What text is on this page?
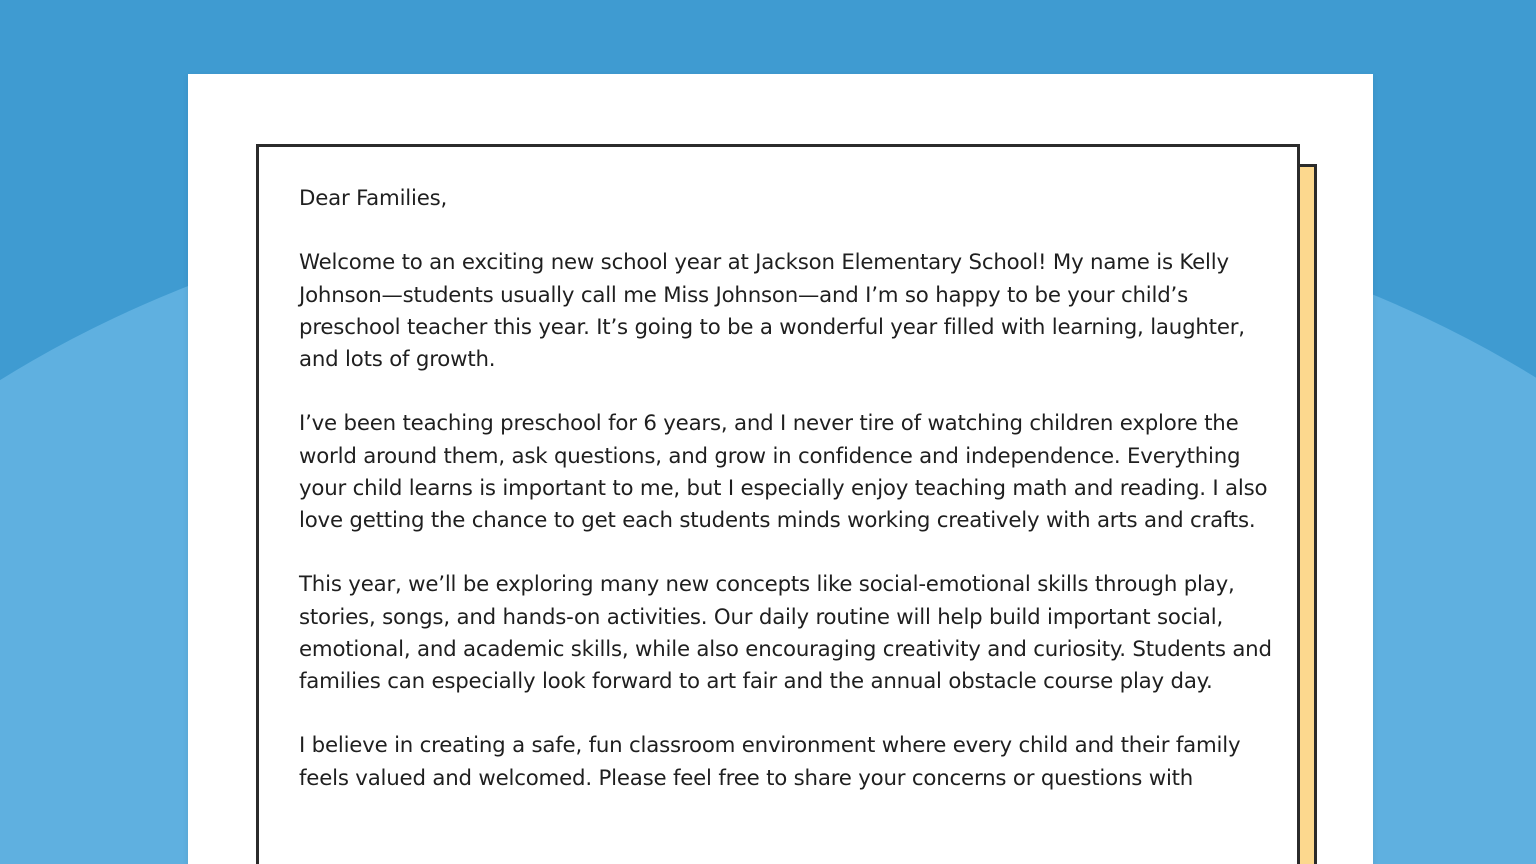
Dear Families,

Welcome to an exciting new school year at Jackson Elementary School! My name is Kelly Johnson—students usually call me Miss Johnson—and I’m so happy to be your child’s preschool teacher this year. It’s going to be a wonderful year filled with learning, laughter, and lots of growth.

I’ve been teaching preschool for 6 years, and I never tire of watching children explore the world around them, ask questions, and grow in confidence and independence. Everything your child learns is important to me, but I especially enjoy teaching math and reading. I also love getting the chance to get each students minds working creatively with arts and crafts.

This year, we’ll be exploring many new concepts like social-emotional skills through play, stories, songs, and hands-on activities. Our daily routine will help build important social, emotional, and academic skills, while also encouraging creativity and curiosity. Students and families can especially look forward to art fair and the annual obstacle course play day.

I believe in creating a safe, fun classroom environment where every child and their family feels valued and welcomed. Please feel free to share your concerns or questions with
